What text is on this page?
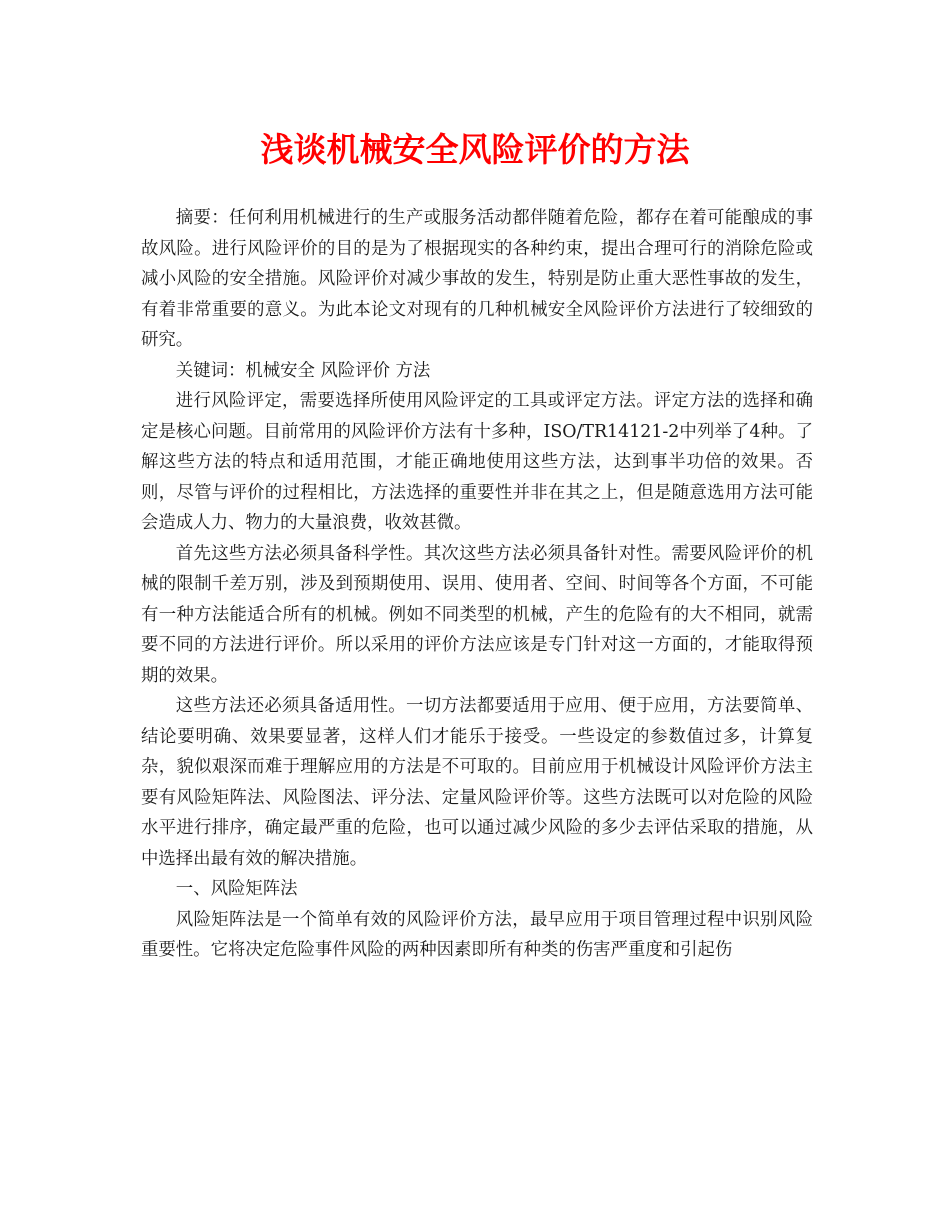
浅谈机械安全风险评价的方法

摘要：任何利用机械进行的生产或服务活动都伴随着危险，都存在着可能酿成的事故风险。进行风险评价的目的是为了根据现实的各种约束，提出合理可行的消除危险或减小风险的安全措施。风险评价对减少事故的发生，特别是防止重大恶性事故的发生，有着非常重要的意义。为此本论文对现有的几种机械安全风险评价方法进行了较细致的研究。

关键词：机械安全 风险评价 方法

进行风险评定，需要选择所使用风险评定的工具或评定方法。评定方法的选择和确定是核心问题。目前常用的风险评价方法有十多种，ISO/TR14121-2中列举了4种。了解这些方法的特点和适用范围，才能正确地使用这些方法，达到事半功倍的效果。否则，尽管与评价的过程相比，方法选择的重要性并非在其之上，但是随意选用方法可能会造成人力、物力的大量浪费，收效甚微。

首先这些方法必须具备科学性。其次这些方法必须具备针对性。需要风险评价的机械的限制千差万别，涉及到预期使用、误用、使用者、空间、时间等各个方面，不可能有一种方法能适合所有的机械。例如不同类型的机械，产生的危险有的大不相同，就需要不同的方法进行评价。所以采用的评价方法应该是专门针对这一方面的，才能取得预期的效果。

这些方法还必须具备适用性。一切方法都要适用于应用、便于应用，方法要简单、结论要明确、效果要显著，这样人们才能乐于接受。一些设定的参数值过多，计算复杂，貌似艰深而难于理解应用的方法是不可取的。目前应用于机械设计风险评价方法主要有风险矩阵法、风险图法、评分法、定量风险评价等。这些方法既可以对危险的风险水平进行排序，确定最严重的危险，也可以通过减少风险的多少去评估采取的措施，从中选择出最有效的解决措施。

一、风险矩阵法

风险矩阵法是一个简单有效的风险评价方法，最早应用于项目管理过程中识别风险重要性。它将决定危险事件风险的两种因素即所有种类的伤害严重度和引起伤
